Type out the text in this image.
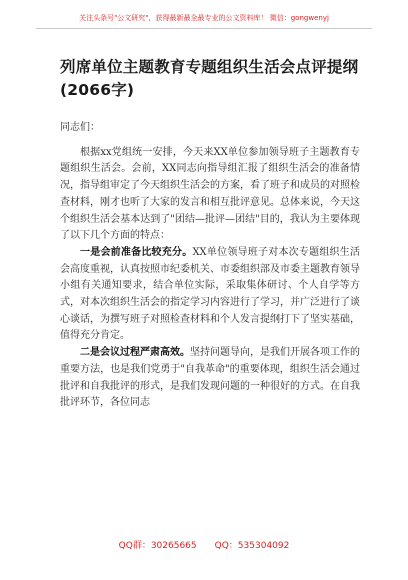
关注头条号"公文研究"，获得最新最全最专业的公文资料库！ 微信：gongwenyj
列席单位主题教育专题组织生活会点评提纲(2066字)

同志们：

根据xx党组统一安排，今天来XX单位参加领导班子主题教育专题组织生活会。会前，XX同志向指导组汇报了组织生活会的准备情况，指导组审定了今天组织生活会的方案，看了班子和成员的对照检查材料，刚才也听了大家的发言和相互批评意见。总体来说，今天这个组织生活会基本达到了"团结—批评—团结"目的，我认为主要体现了以下几个方面的特点：

一是会前准备比较充分。XX单位领导班子对本次专题组织生活会高度重视，认真按照市纪委机关、市委组织部及市委主题教育领导小组有关通知要求，结合单位实际，采取集体研讨、个人自学等方式，对本次组织生活会的指定学习内容进行了学习，并广泛进行了谈心谈话，为撰写班子对照检查材料和个人发言提纲打下了坚实基础，值得充分肯定。

二是会议过程严肃高效。坚持问题导向，是我们开展各项工作的重要方法，也是我们党勇于"自我革命"的重要体现，组织生活会通过批评和自我批评的形式，是我们发现问题的一种很好的方式。在自我批评环节，各位同志

QQ群：30265665 QQ：535304092
